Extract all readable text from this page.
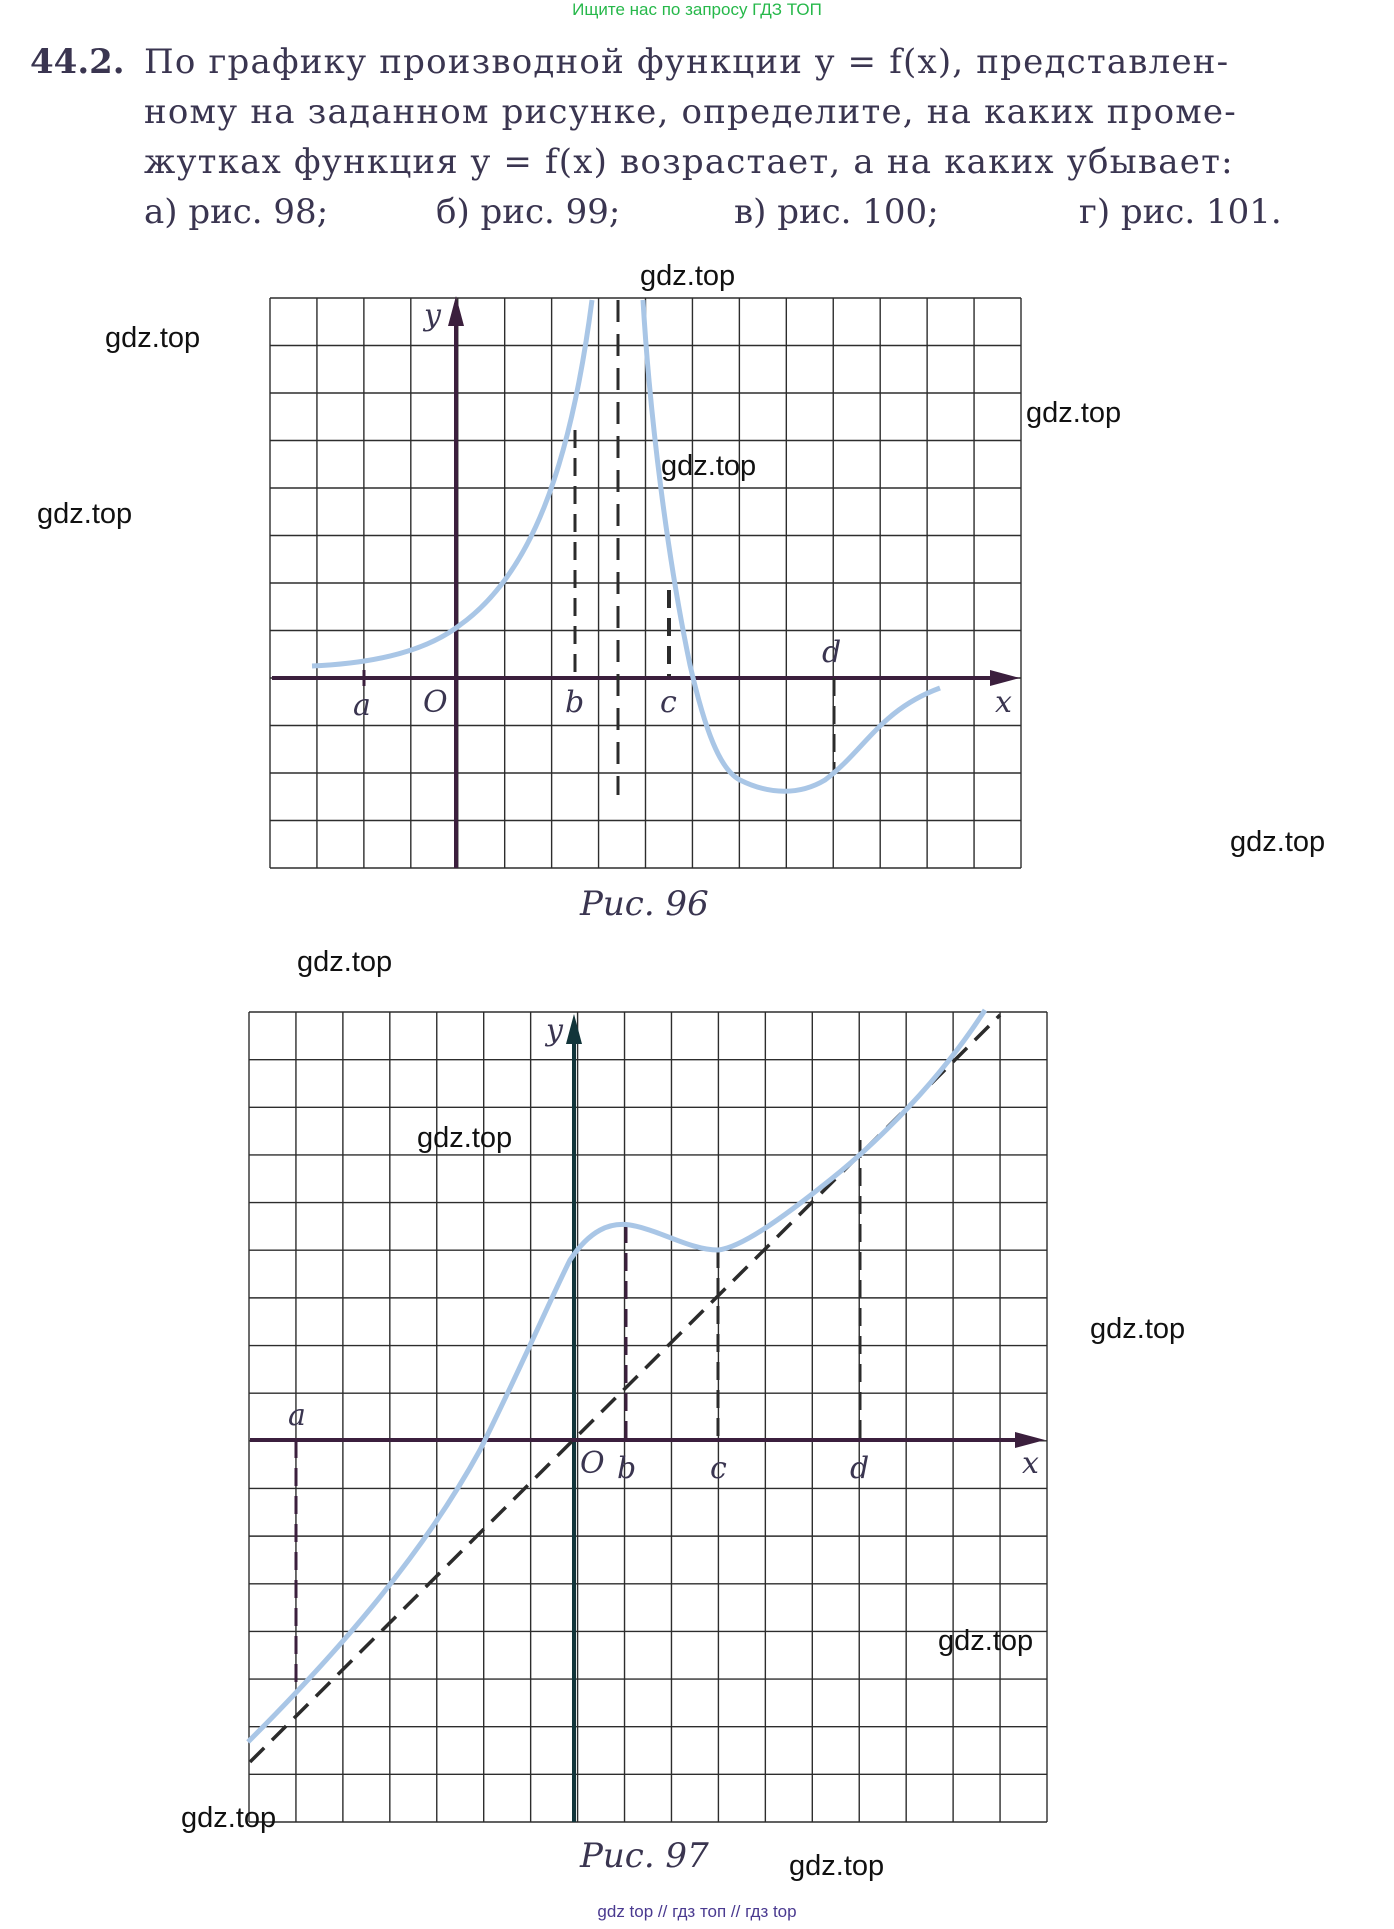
Ищите нас по запросу ГДЗ ТОП
44.2. По графику производной функции y = f(x), представлен-
ному на заданном рисунке, определите, на каких проме-
жутках функция y = f(x) возрастает, а на каких убывает:
а) рис. 98;	б) рис. 99;	в) рис. 100;	г) рис. 101.
y
x
O
a	b	c
d
Рис. 96
y
x
O
a
b c	d
Рис. 97
gdz.top
gdz.top
gdz.top
gdz.top
gdz.top
gdz.top
gdz.top
gdz.top
gdz.top
gdz.top
gdz.top
gdz.top
gdz top // гдз топ // гдз top
